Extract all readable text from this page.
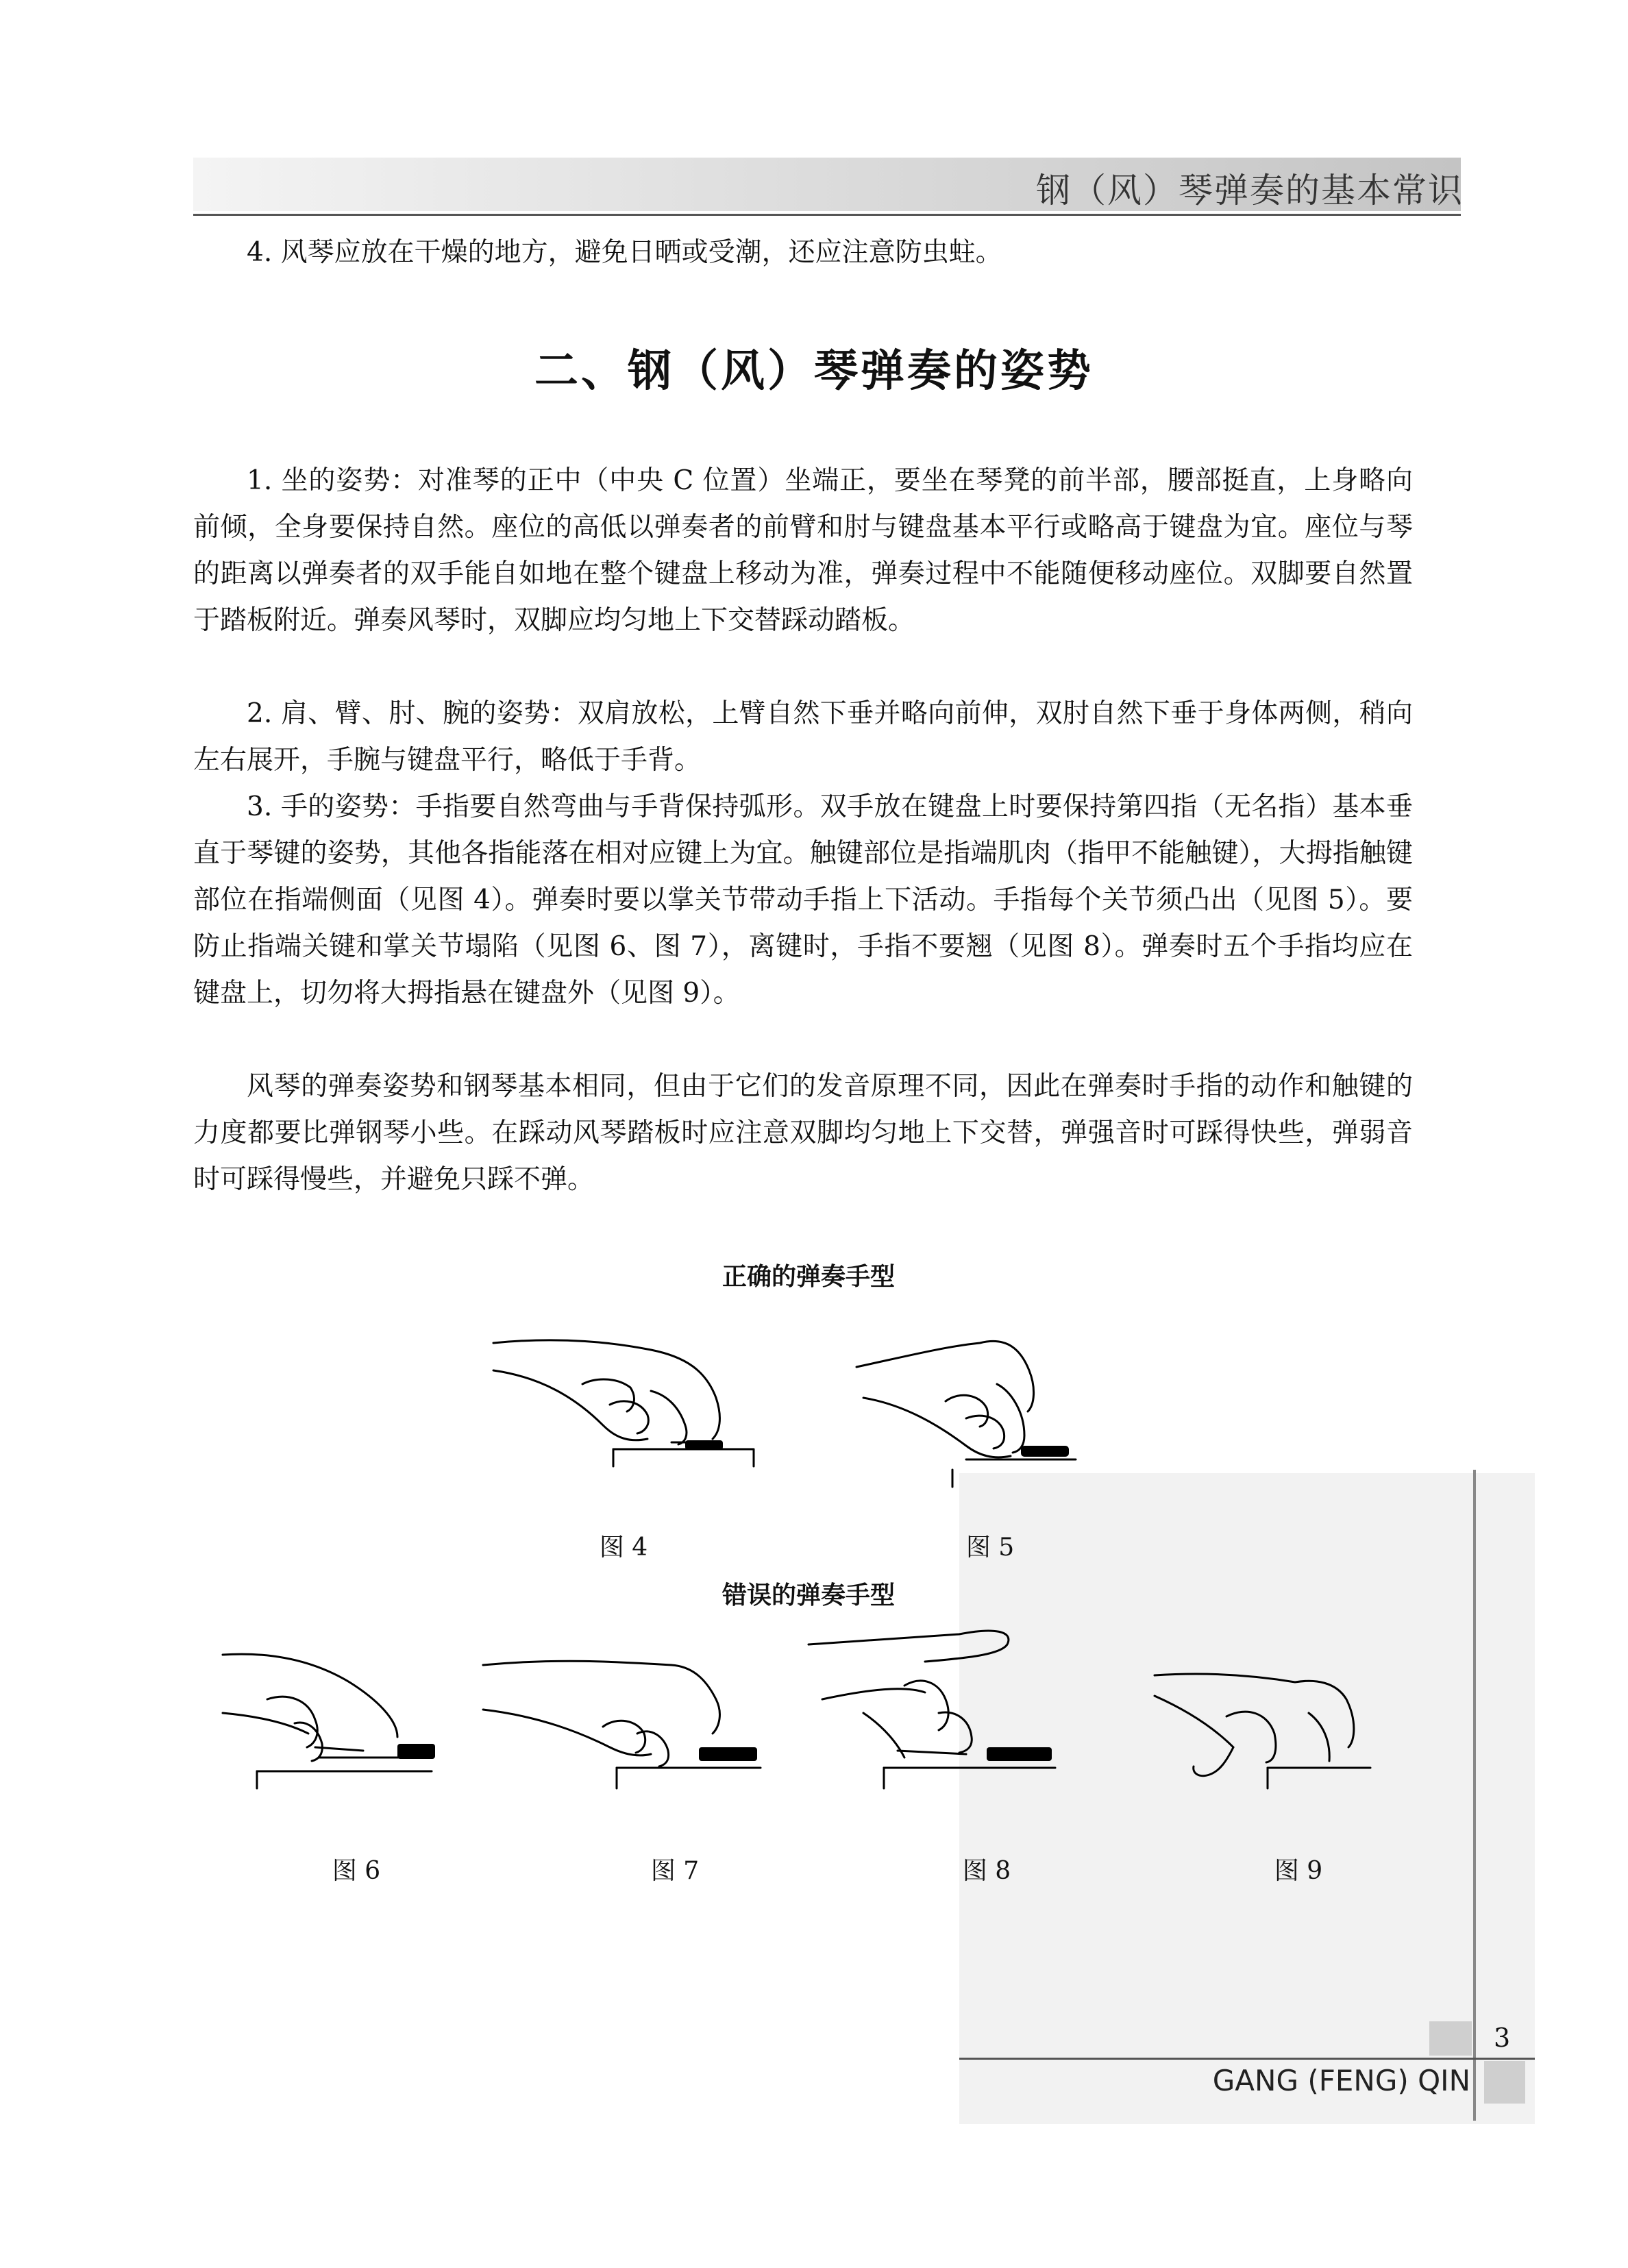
钢（风）琴弹奏的基本常识

4. 风琴应放在干燥的地方，避免日晒或受潮，还应注意防虫蛀。

二、钢（风）琴弹奏的姿势

1. 坐的姿势：对准琴的正中（中央 C 位置）坐端正，要坐在琴凳的前半部，腰部挺直，上身略向前倾，全身要保持自然。座位的高低以弹奏者的前臂和肘与键盘基本平行或略高于键盘为宜。座位与琴的距离以弹奏者的双手能自如地在整个键盘上移动为准，弹奏过程中不能随便移动座位。双脚要自然置于踏板附近。弹奏风琴时，双脚应均匀地上下交替踩动踏板。

2. 肩、臂、肘、腕的姿势：双肩放松，上臂自然下垂并略向前伸，双肘自然下垂于身体两侧，稍向左右展开，手腕与键盘平行，略低于手背。

3. 手的姿势：手指要自然弯曲与手背保持弧形。双手放在键盘上时要保持第四指（无名指）基本垂直于琴键的姿势，其他各指能落在相对应键上为宜。触键部位是指端肌肉（指甲不能触键），大拇指触键部位在指端侧面（见图 4）。弹奏时要以掌关节带动手指上下活动。手指每个关节须凸出（见图 5）。要防止指端关键和掌关节塌陷（见图 6、图 7），离键时，手指不要翘（见图 8）。弹奏时五个手指均应在键盘上，切勿将大拇指悬在键盘外（见图 9）。

风琴的弹奏姿势和钢琴基本相同，但由于它们的发音原理不同，因此在弹奏时手指的动作和触键的力度都要比弹钢琴小些。在踩动风琴踏板时应注意双脚均匀地上下交替，弹强音时可踩得快些，弹弱音时可踩得慢些，并避免只踩不弹。

正确的弹奏手型
错误的弹奏手型
图 4	图 5
图 6	图 7	图 8	图 9
3
GANG (FENG) QIN
